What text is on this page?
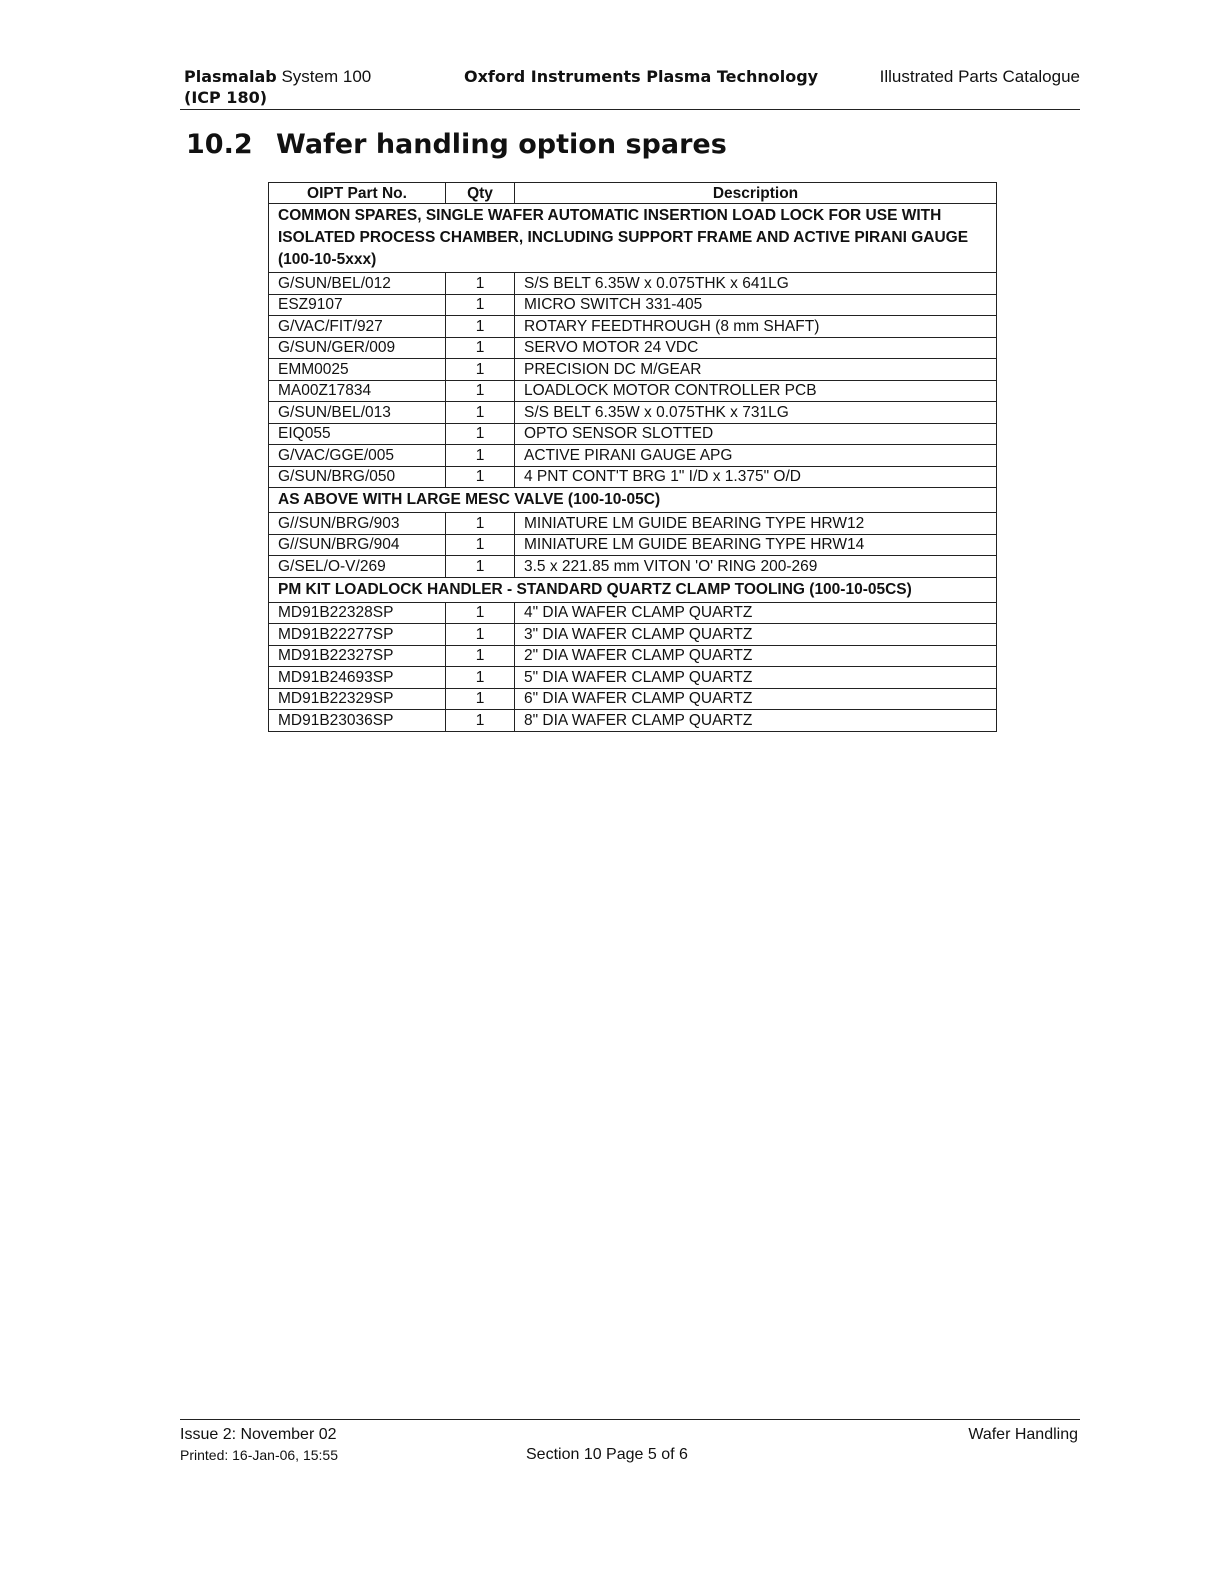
Plasmalab System 100
(ICP 180)
Oxford Instruments Plasma Technology	Illustrated Parts Catalogue
10.2 Wafer handling option spares
OIPT Part No.	Qty	Description
COMMON SPARES, SINGLE WAFER AUTOMATIC INSERTION LOAD LOCK FOR USE WITH ISOLATED PROCESS CHAMBER, INCLUDING SUPPORT FRAME AND ACTIVE PIRANI GAUGE (100-10-5xxx)		
G/SUN/BEL/012	1	S/S BELT 6.35W x 0.075THK x 641LG
ESZ9107	1	MICRO SWITCH 331-405
G/VAC/FIT/927	1	ROTARY FEEDTHROUGH (8 mm SHAFT)
G/SUN/GER/009	1	SERVO MOTOR 24 VDC
EMM0025	1	PRECISION DC M/GEAR
MA00Z17834	1	LOADLOCK MOTOR CONTROLLER PCB
G/SUN/BEL/013	1	S/S BELT 6.35W x 0.075THK x 731LG
EIQ055	1	OPTO SENSOR SLOTTED
G/VAC/GGE/005	1	ACTIVE PIRANI GAUGE APG
G/SUN/BRG/050	1	4 PNT CONT'T BRG 1" I/D x 1.375" O/D
AS ABOVE WITH LARGE MESC VALVE (100-10-05C)		
G//SUN/BRG/903	1	MINIATURE LM GUIDE BEARING TYPE HRW12
G//SUN/BRG/904	1	MINIATURE LM GUIDE BEARING TYPE HRW14
G/SEL/O-V/269	1	3.5 x 221.85 mm VITON 'O' RING 200-269
PM KIT LOADLOCK HANDLER - STANDARD QUARTZ CLAMP TOOLING (100-10-05CS)		
MD91B22328SP	1	4" DIA WAFER CLAMP QUARTZ
MD91B22277SP	1	3" DIA WAFER CLAMP QUARTZ
MD91B22327SP	1	2" DIA WAFER CLAMP QUARTZ
MD91B24693SP	1	5" DIA WAFER CLAMP QUARTZ
MD91B22329SP	1	6" DIA WAFER CLAMP QUARTZ
MD91B23036SP	1	8" DIA WAFER CLAMP QUARTZ
Issue 2: November 02
Printed: 16-Jan-06, 15:55	Section 10 Page 5 of 6
Wafer Handling
